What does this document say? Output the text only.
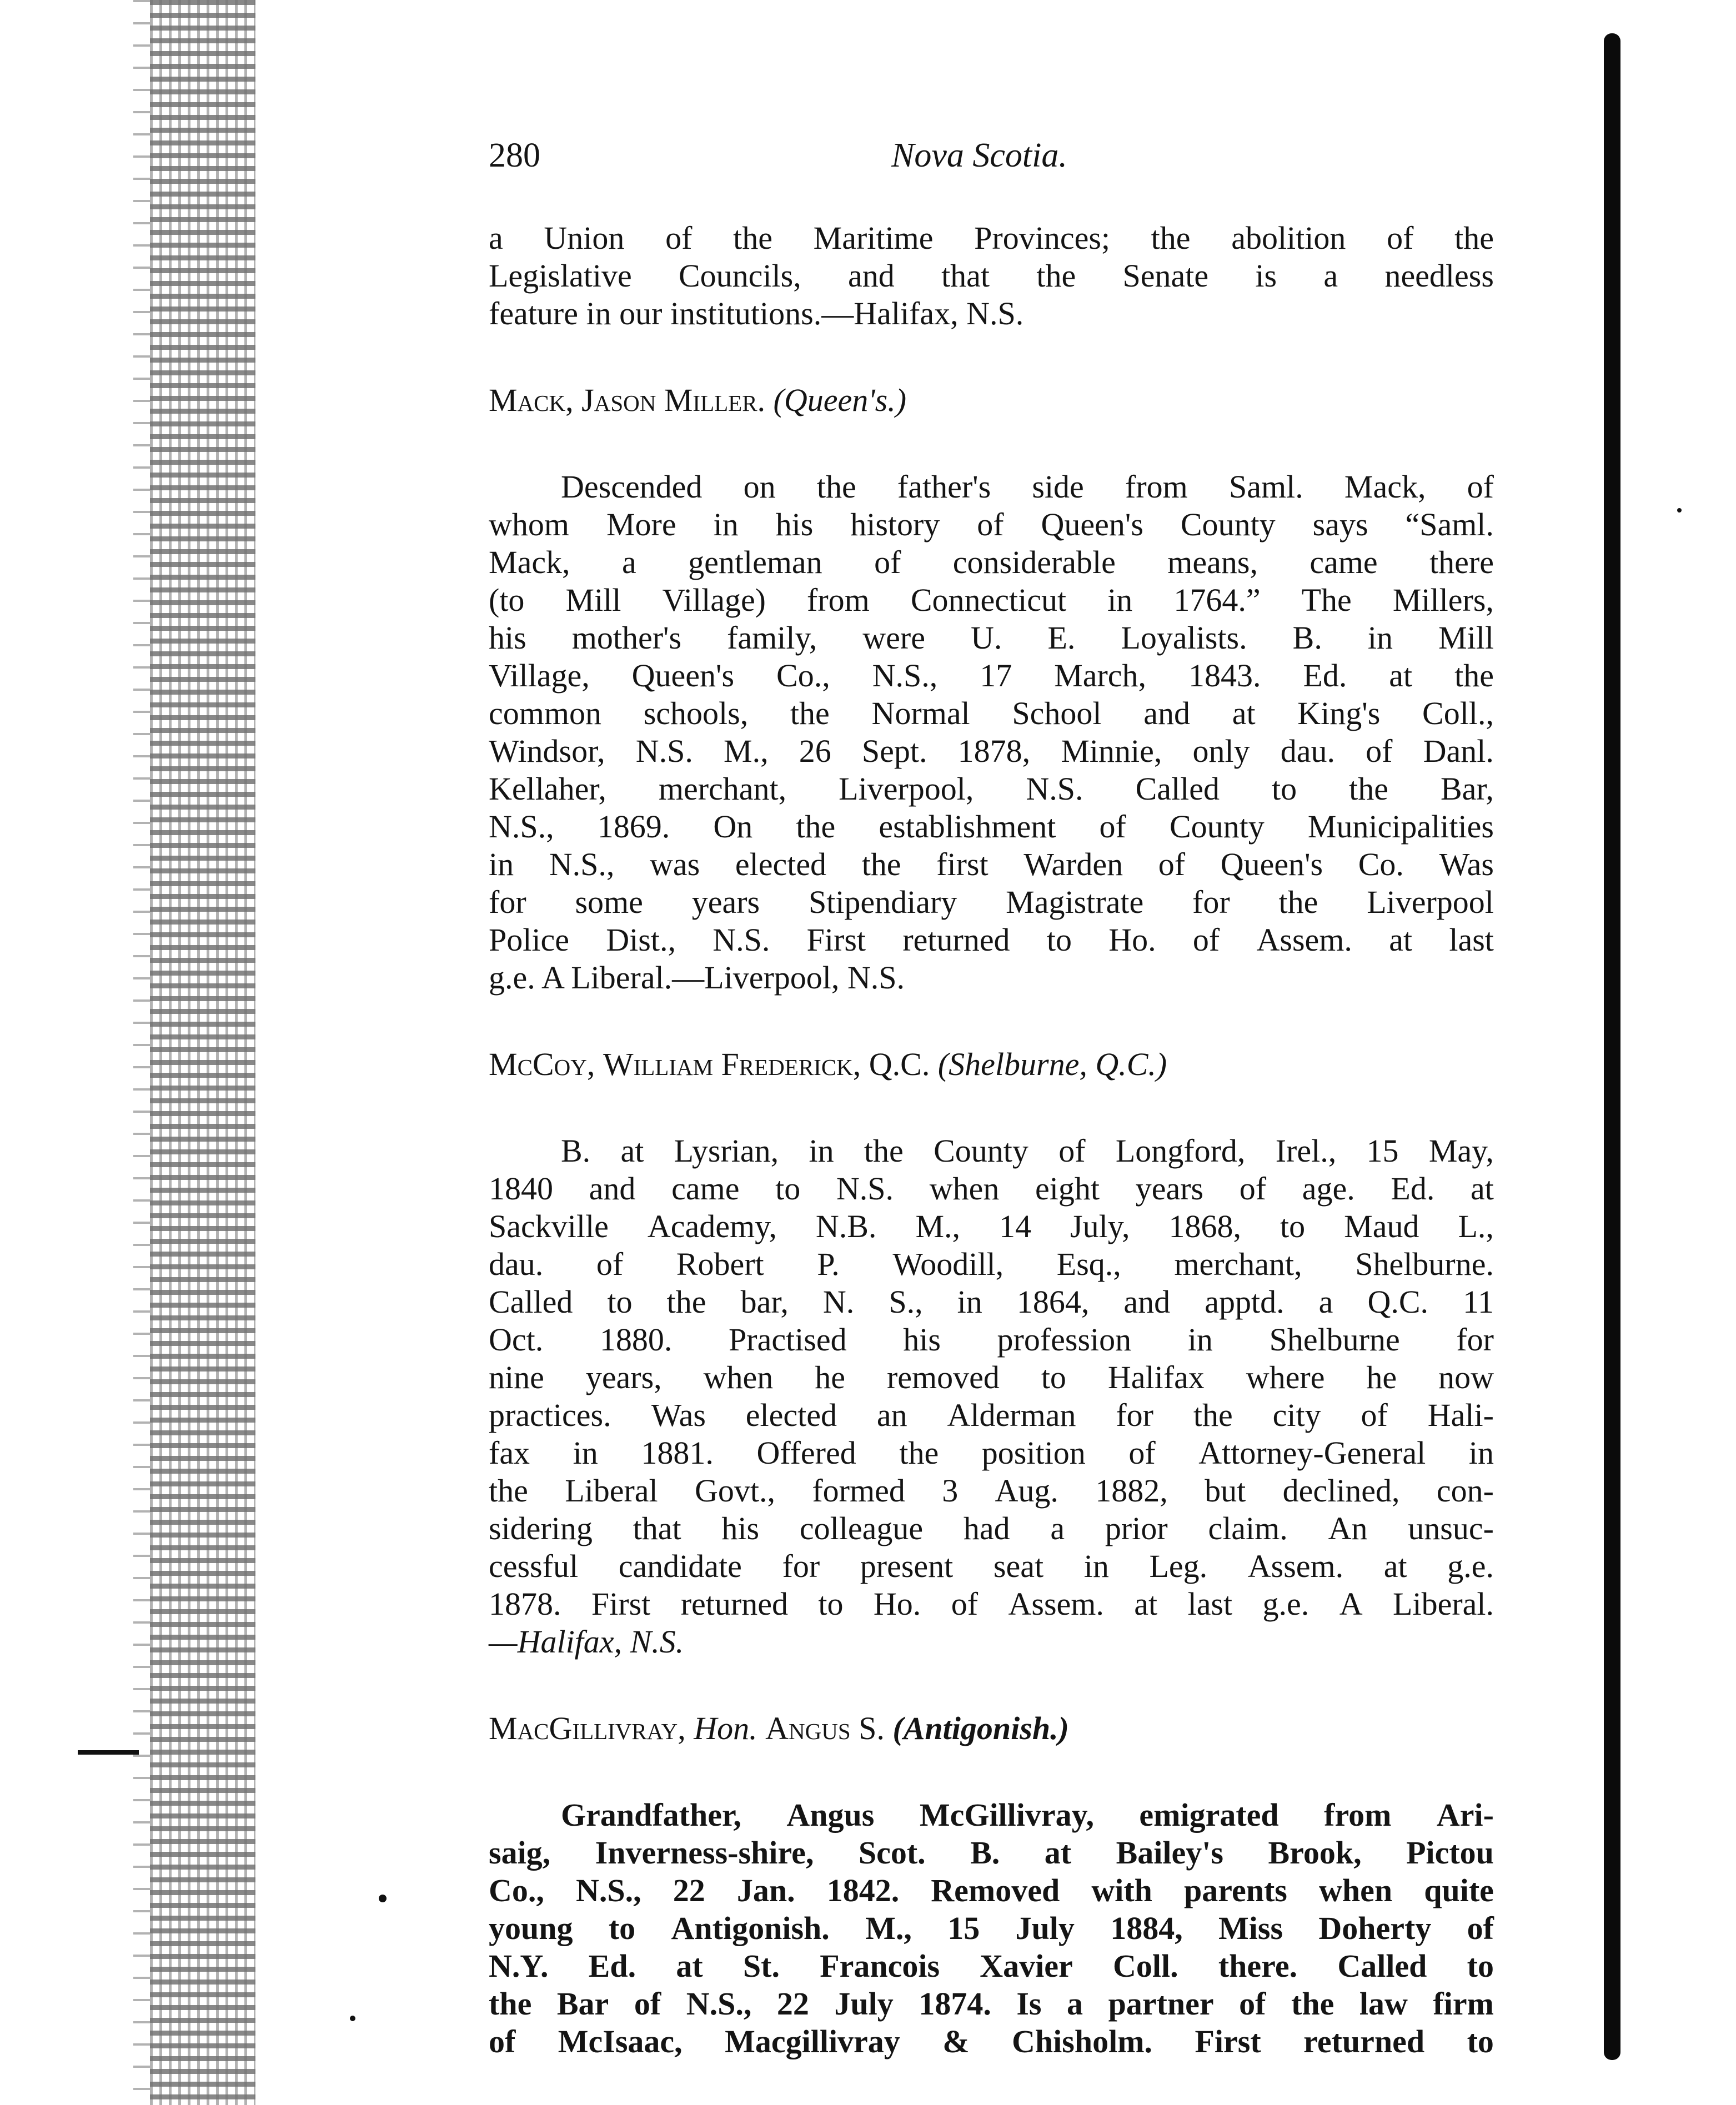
280	Nova Scotia.
a Union of the Maritime Provinces; the abolition of the
Legislative Councils, and that the Senate is a needless
feature in our institutions.—Halifax, N.S.
Mack, Jason Miller. (Queen's.)
Descended on the father's side from Saml. Mack, of
whom More in his history of Queen's County says “Saml.
Mack, a gentleman of considerable means, came there
(to Mill Village) from Connecticut in 1764.” The Millers,
his mother's family, were U. E. Loyalists. B. in Mill
Village, Queen's Co., N.S., 17 March, 1843. Ed. at the
common schools, the Normal School and at King's Coll.,
Windsor, N.S. M., 26 Sept. 1878, Minnie, only dau. of Danl.
Kellaher, merchant, Liverpool, N.S. Called to the Bar,
N.S., 1869. On the establishment of County Municipalities
in N.S., was elected the first Warden of Queen's Co. Was
for some years Stipendiary Magistrate for the Liverpool
Police Dist., N.S. First returned to Ho. of Assem. at last
g.e. A Liberal.—Liverpool, N.S.
McCoy, William Frederick, Q.C. (Shelburne, Q.C.)
B. at Lysrian, in the County of Longford, Irel., 15 May,
1840 and came to N.S. when eight years of age. Ed. at
Sackville Academy, N.B. M., 14 July, 1868, to Maud L.,
dau. of Robert P. Woodill, Esq., merchant, Shelburne.
Called to the bar, N. S., in 1864, and apptd. a Q.C. 11
Oct. 1880. Practised his profession in Shelburne for
nine years, when he removed to Halifax where he now
practices. Was elected an Alderman for the city of Hali-
fax in 1881. Offered the position of Attorney-General in
the Liberal Govt., formed 3 Aug. 1882, but declined, con-
sidering that his colleague had a prior claim. An unsuc-
cessful candidate for present seat in Leg. Assem. at g.e.
1878. First returned to Ho. of Assem. at last g.e. A Liberal.
—Halifax, N.S.
MacGillivray, Hon. Angus S. (Antigonish.)
Grandfather, Angus McGillivray, emigrated from Ari-
saig, Inverness-shire, Scot. B. at Bailey's Brook, Pictou
Co., N.S., 22 Jan. 1842. Removed with parents when quite
young to Antigonish. M., 15 July 1884, Miss Doherty of
N.Y. Ed. at St. Francois Xavier Coll. there. Called to
the Bar of N.S., 22 July 1874. Is a partner of the law firm
of McIsaac, Macgillivray & Chisholm. First returned to
